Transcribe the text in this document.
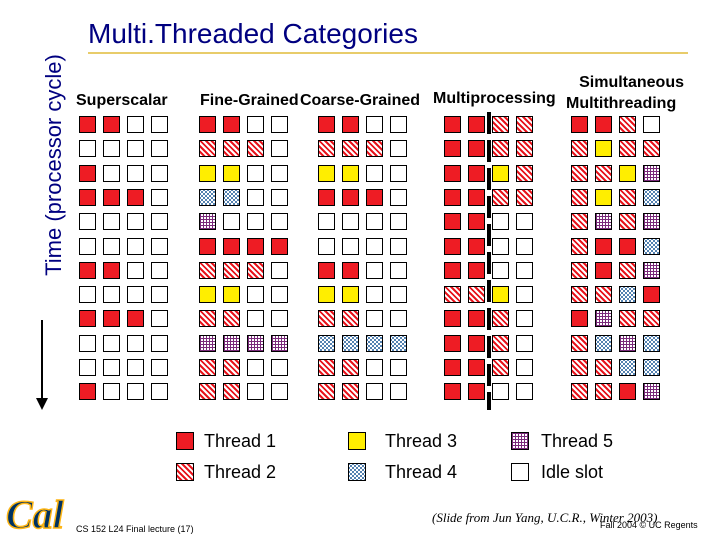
Multi.Threaded Categories
Time (processor cycle) Superscalar Fine-Grained Coarse-Grained Multiprocessing
Simultaneous
Multithreading
Thread 1
Thread 2
Thread 3
Thread 4
Thread 5
Idle slot
Cal	(Slide from Jun Yang, U.C.R., Winter 2003)
CS 152 L24 Final lecture (17)	Fall 2004 © UC Regents
